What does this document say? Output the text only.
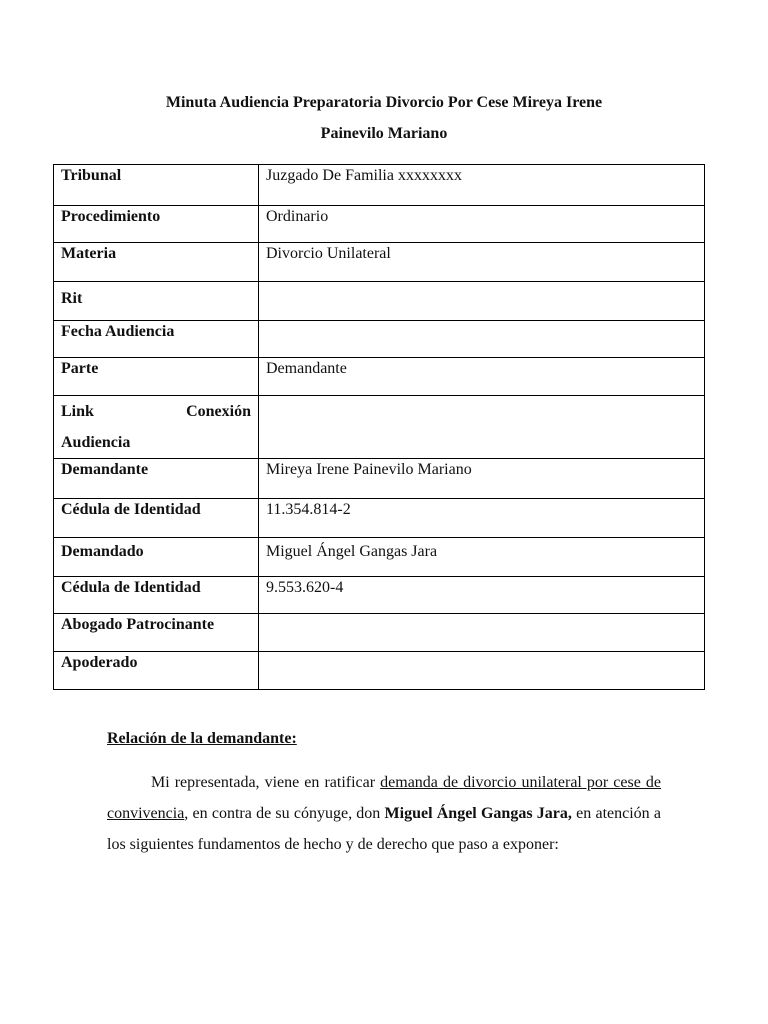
Minuta Audiencia Preparatoria Divorcio Por Cese Mireya Irene
Painevilo Mariano
Tribunal	Juzgado De Familia xxxxxxxx
Procedimiento	Ordinario
Materia	Divorcio Unilateral
Rit	
Fecha Audiencia	
Parte	Demandante

Link Conexión
Audiencia	

Demandante	Mireya Irene Painevilo Mariano
Cédula de Identidad	11.354.814-2
Demandado	Miguel Ángel Gangas Jara
Cédula de Identidad	9.553.620-4
Abogado Patrocinante	
Apoderado	
Relación de la demandante:

Mi representada, viene en ratificar demanda de divorcio unilateral por cese de convivencia, en contra de su cónyuge, don Miguel Ángel Gangas Jara, en atención a los siguientes fundamentos de hecho y de derecho que paso a exponer:
